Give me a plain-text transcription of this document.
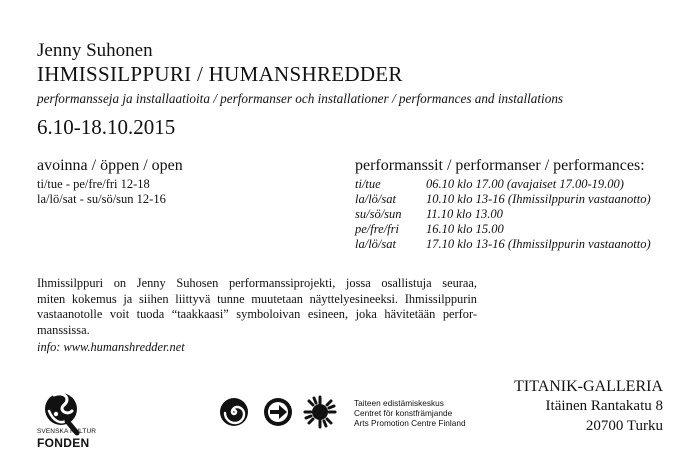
Jenny Suhonen
IHMISSILPPURI / HUMANSHREDDER
performansseja ja installaatioita / performanser och installationer / performances and installations
6.10-18.10.2015
avoinna / öppen / open
ti/tue - pe/fre/fri 12-18
la/lö/sat - su/sö/sun 12-16
performanssit / performanser / performances:
ti/tue	06.10 klo 17.00 (avajaiset 17.00-19.00)
la/lö/sat 10.10 klo 13-16 (Ihmissilppurin vastaanotto)
su/sö/sun 11.10 klo 13.00
pe/fre/fri 16.10 klo 15.00
la/lö/sat 17.10 klo 13-16 (Ihmissilppurin vastaanotto)
Ihmissilppuri on Jenny Suhosen performanssiprojekti, jossa osallistuja seuraa,
miten kokemus ja siihen liittyvä tunne muutetaan näyttelyesineeksi. Ihmissilppurin
vastaanotolle voit tuoda “taakkaasi” symboloivan esineen, joka hävitetään perfor-
manssissa.
info: www.humanshredder.net
SVENSKA KULTUR
FONDEN
Taiteen edistämiskeskus
Centret för konstfrämjande
Arts Promotion Centre Finland
TITANIK-GALLERIA
Itäinen Rantakatu 8
20700 Turku
